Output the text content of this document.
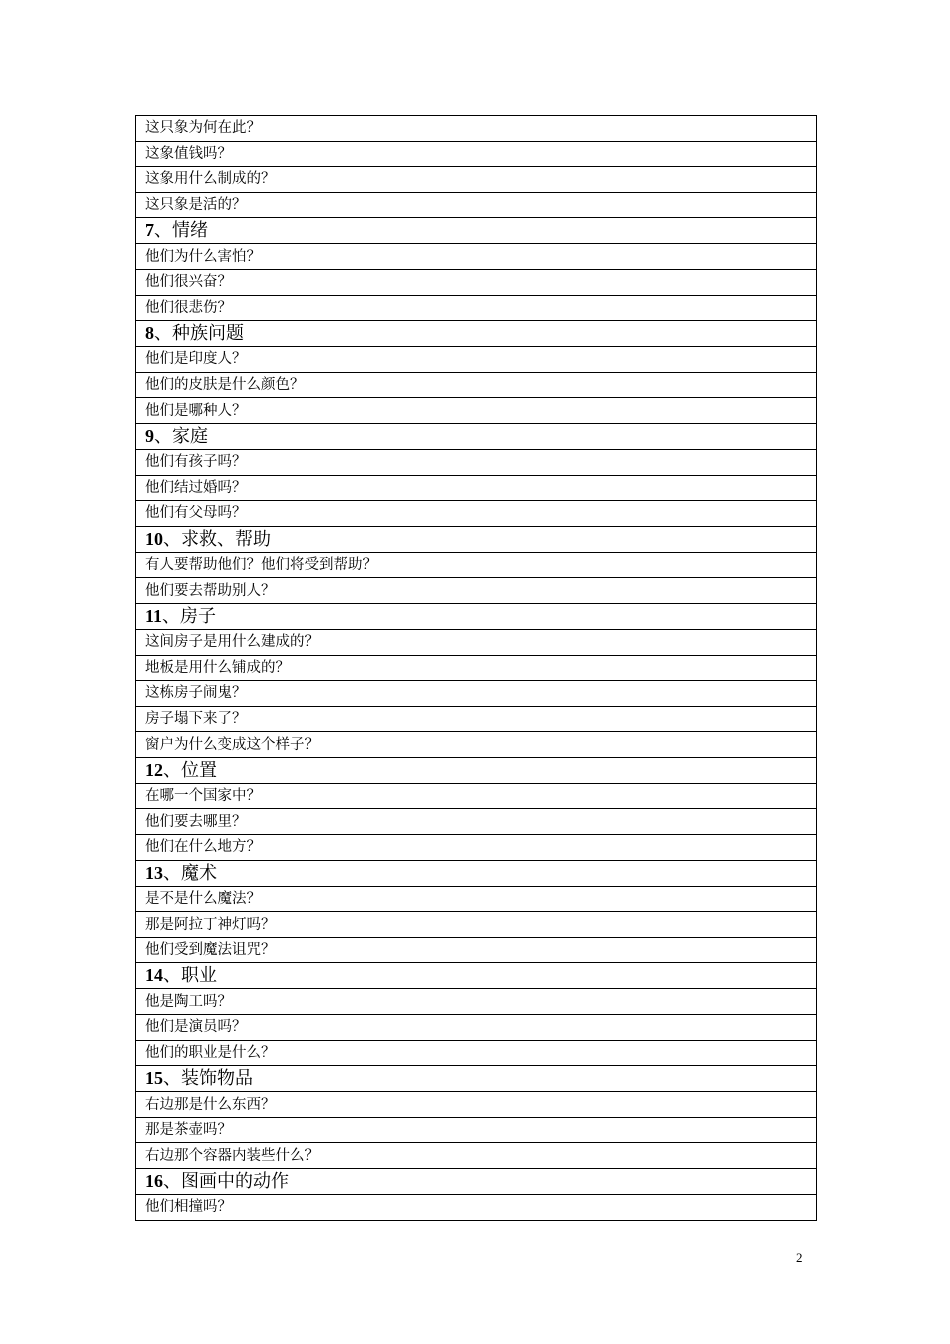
这只象为何在此？
这象值钱吗？
这象用什么制成的？
这只象是活的？
7、情绪
他们为什么害怕？
他们很兴奋？
他们很悲伤？
8、种族问题
他们是印度人？
他们的皮肤是什么颜色？
他们是哪种人？
9、家庭
他们有孩子吗？
他们结过婚吗？
他们有父母吗？
10、求救、帮助
有人要帮助他们？他们将受到帮助？
他们要去帮助别人？
11、房子
这间房子是用什么建成的？
地板是用什么铺成的？
这栋房子闹鬼？
房子塌下来了？
窗户为什么变成这个样子？
12、位置
在哪一个国家中？
他们要去哪里？
他们在什么地方？
13、魔术
是不是什么魔法？
那是阿拉丁神灯吗？
他们受到魔法诅咒？
14、职业
他是陶工吗？
他们是演员吗？
他们的职业是什么？
15、装饰物品
右边那是什么东西？
那是茶壶吗？
右边那个容器内装些什么？
16、图画中的动作
他们相撞吗？
2
